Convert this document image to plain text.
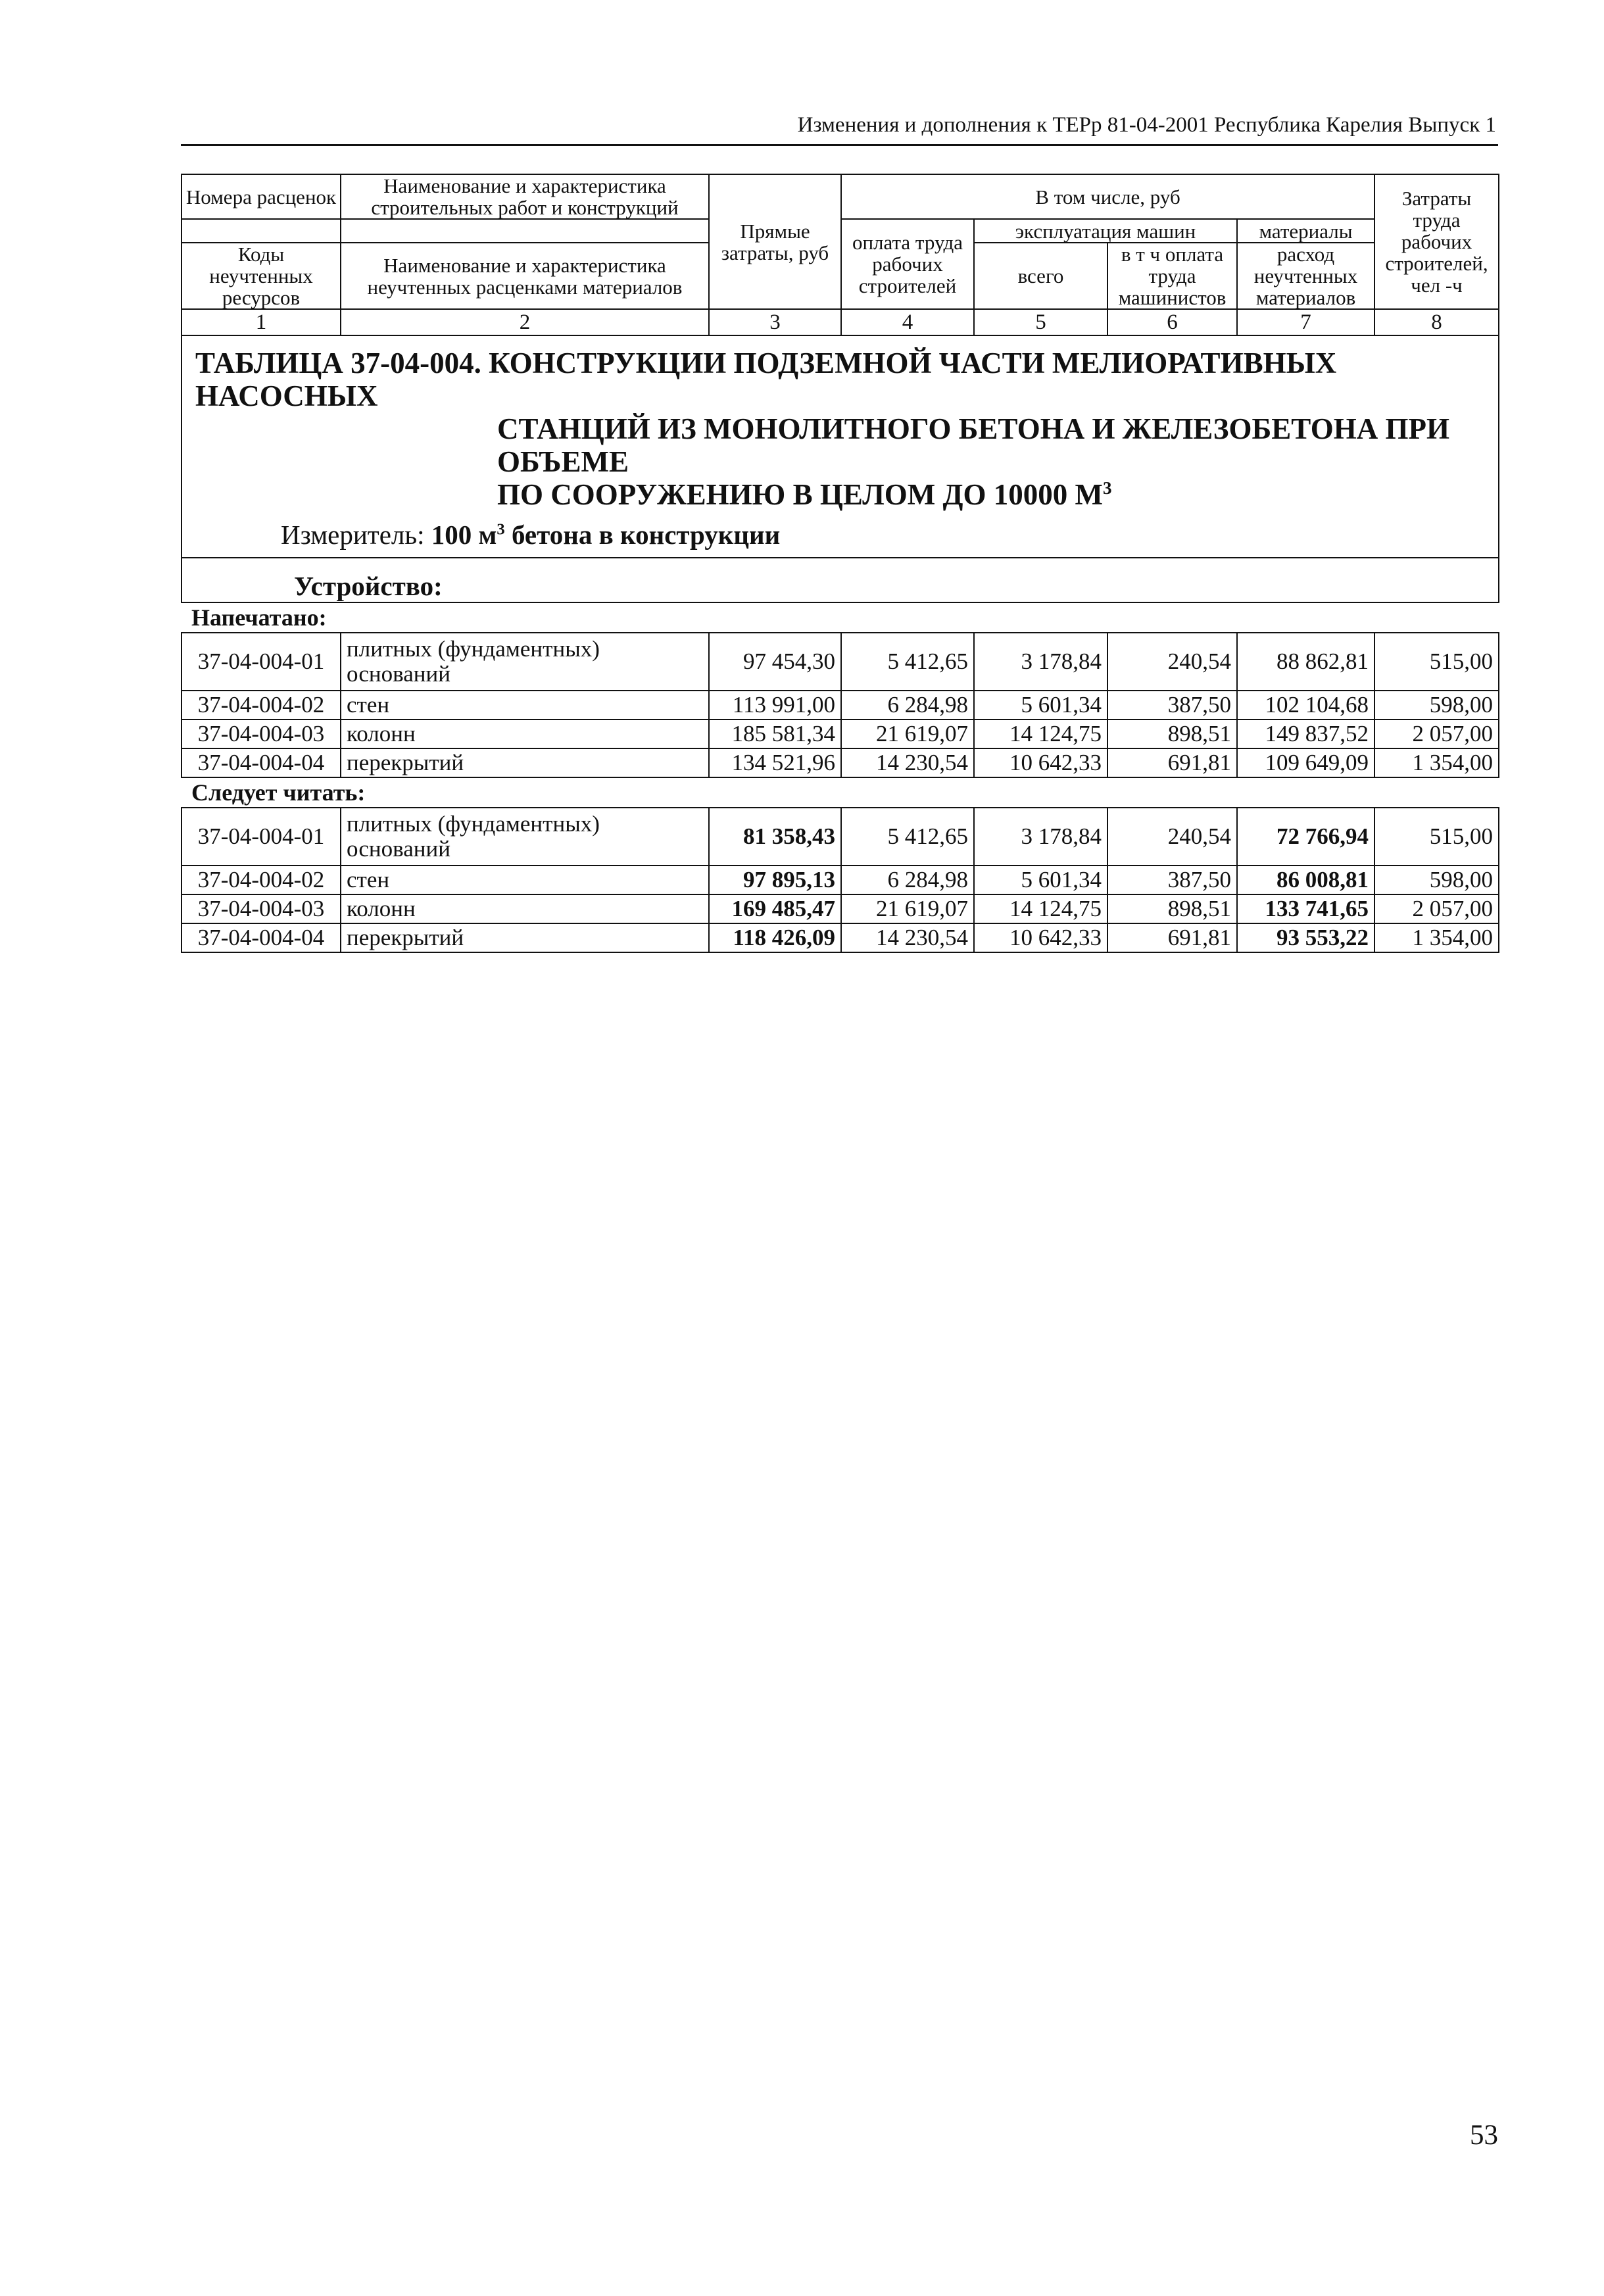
Изменения и дополнения к ТЕРр 81-04-2001 Республика Карелия Выпуск 1
Номера расценок	Наименование и характеристика строительных работ и конструкций	Прямые затраты, руб	В том числе, руб				Затраты труда рабочих строителей, чел -ч
			оплата труда рабочих строителей	эксплуатация машин		материалы	
Коды неучтенных ресурсов	Наименование и характеристика неучтенных расценками материалов			всего	в т ч оплата труда машинистов	расход неучтенных материалов	

1	2	3	4	5	6	7	8

ТАБЛИЦА 37-04-004. КОНСТРУКЦИИ ПОДЗЕМНОЙ ЧАСТИ МЕЛИОРАТИВНЫХ НАСОСНЫХ
СТАНЦИЙ ИЗ МОНОЛИТНОГО БЕТОНА И ЖЕЛЕЗОБЕТОНА ПРИ ОБЪЕМЕ
ПО СООРУЖЕНИЮ В ЦЕЛОМ ДО 10000 $М^3$
Измеритель: 100 $м^3$ бетона в конструкции							

Устройство:							
Напечатано:
37-04-004-01	плитных (фундаментных) оснований	97 454,30	5 412,65	3 178,84	240,54	88 862,81	515,00
37-04-004-02	стен	113 991,00	6 284,98	5 601,34	387,50	102 104,68	598,00
37-04-004-03	колонн	185 581,34	21 619,07	14 124,75	898,51	149 837,52	2 057,00
37-04-004-04	перекрытий	134 521,96	14 230,54	10 642,33	691,81	109 649,09	1 354,00
Следует читать:
37-04-004-01	плитных (фундаментных) оснований	81 358,43	5 412,65	3 178,84	240,54	72 766,94	515,00
37-04-004-02	стен	97 895,13	6 284,98	5 601,34	387,50	86 008,81	598,00
37-04-004-03	колонн	169 485,47	21 619,07	14 124,75	898,51	133 741,65	2 057,00
37-04-004-04	перекрытий	118 426,09	14 230,54	10 642,33	691,81	93 553,22	1 354,00
53
